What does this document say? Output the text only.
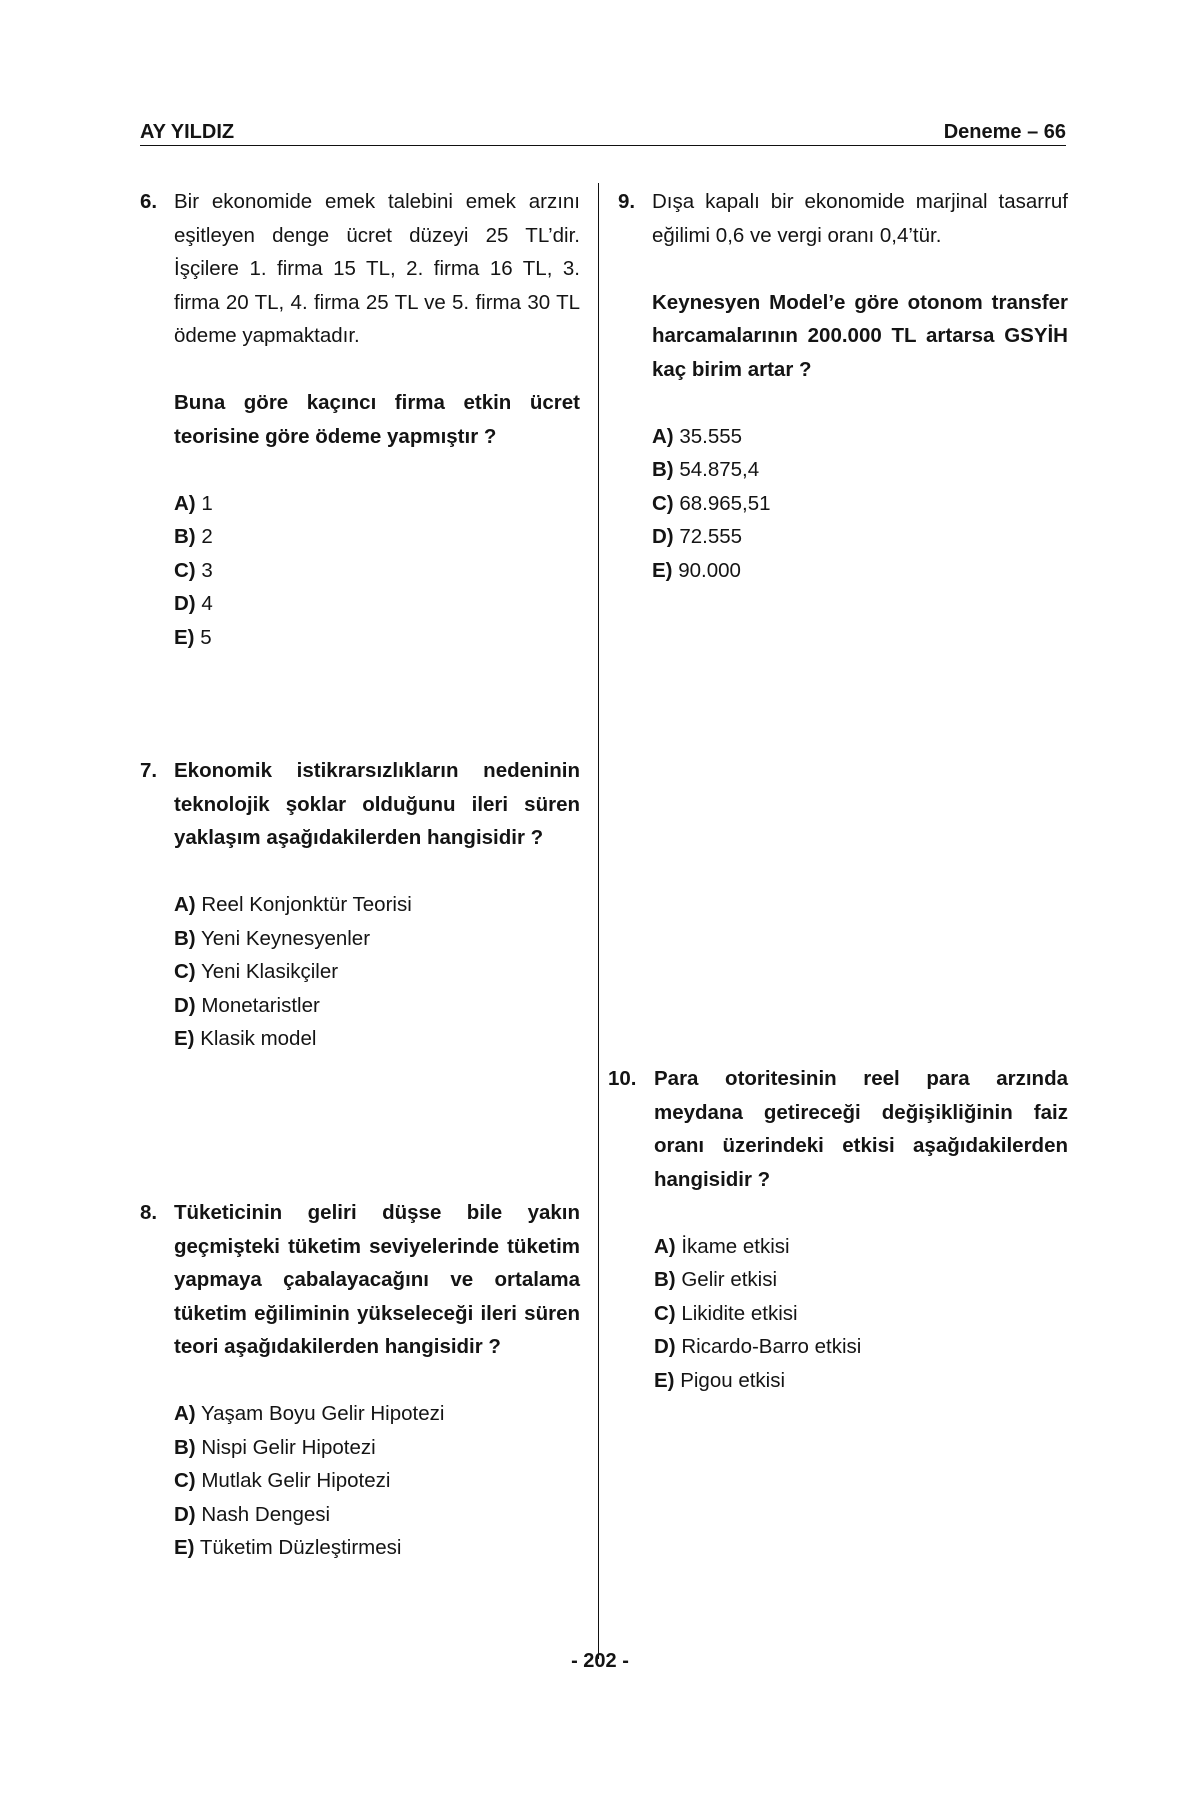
AY YILDIZ	Deneme – 66
6. Bir ekonomide emek talebini emek arzını eşitleyen denge ücret düzeyi 25 TL’dir. İşçilere 1. firma 15 TL, 2. firma 16 TL, 3. firma 20 TL, 4. firma 25 TL ve 5. firma 30 TL ödeme yapmaktadır.

Buna göre kaçıncı firma etkin ücret teorisine göre ödeme yapmıştır ?

A) 1
B) 2
C) 3
D) 4
E) 5
7. Ekonomik istikrarsızlıkların nedeninin teknolojik şoklar olduğunu ileri süren yaklaşım aşağıdakilerden hangisidir ?

A) Reel Konjonktür Teorisi
B) Yeni Keynesyenler
C) Yeni Klasikçiler
D) Monetaristler
E) Klasik model
8. Tüketicinin geliri düşse bile yakın geçmişteki tüketim seviyelerinde tüketim yapmaya çabalayacağını ve ortalama tüketim eğiliminin yükseleceği ileri süren teori aşağıdakilerden hangisidir ?

A) Yaşam Boyu Gelir Hipotezi
B) Nispi Gelir Hipotezi
C) Mutlak Gelir Hipotezi
D) Nash Dengesi
E) Tüketim Düzleştirmesi
9. Dışa kapalı bir ekonomide marjinal tasarruf eğilimi 0,6 ve vergi oranı 0,4’tür.

Keynesyen Model’e göre otonom transfer harcamalarının 200.000 TL artarsa GSYİH kaç birim artar ?

A) 35.555
B) 54.875,4
C) 68.965,51
D) 72.555
E) 90.000
10. Para otoritesinin reel para arzında meydana getireceği değişikliğinin faiz oranı üzerindeki etkisi aşağıdakilerden hangisidir ?

A) İkame etkisi
B) Gelir etkisi
C) Likidite etkisi
D) Ricardo-Barro etkisi
E) Pigou etkisi
- 202 -
